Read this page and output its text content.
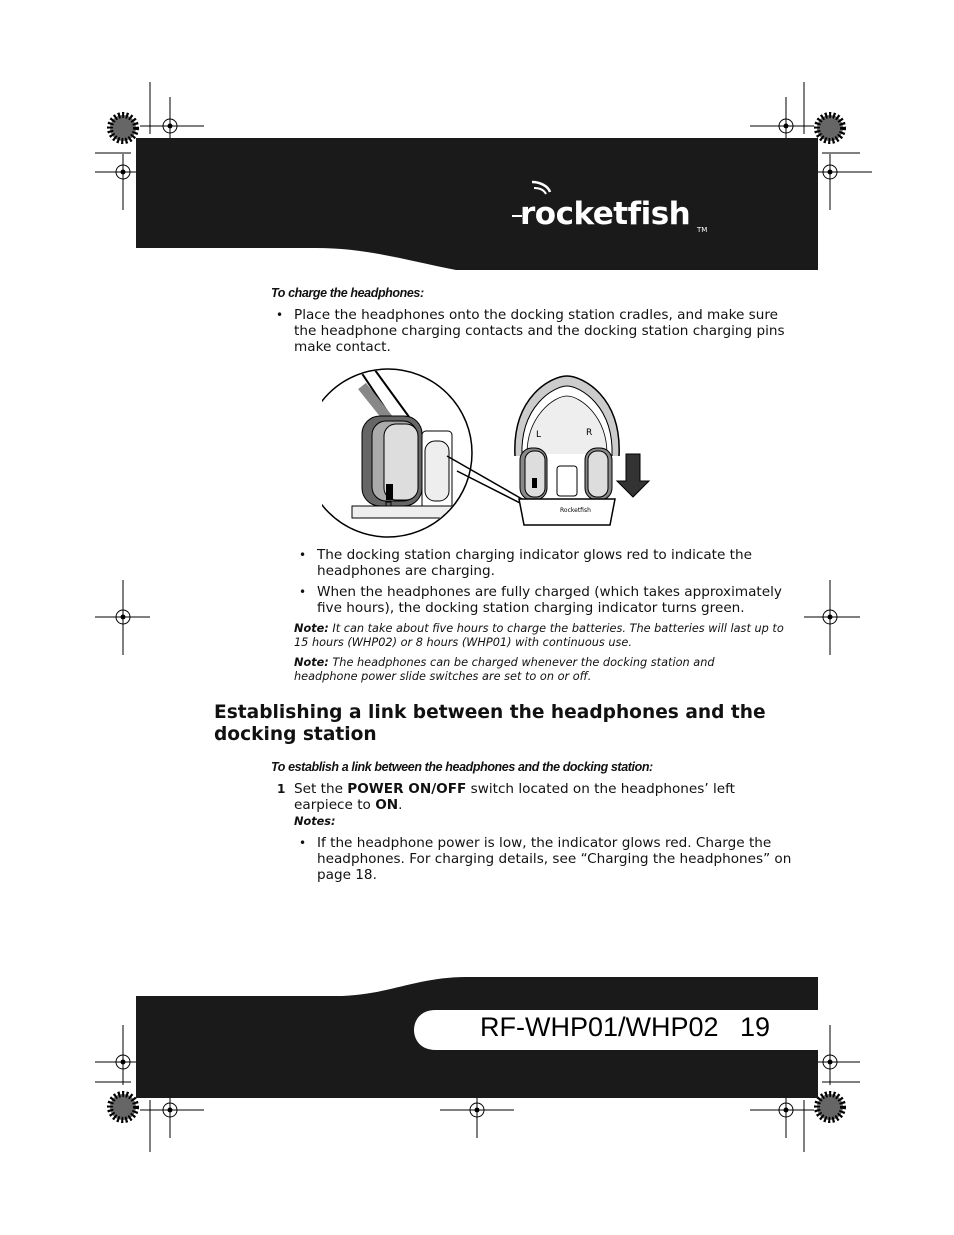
rocketfish TM
To charge the headphones:
• Place the headphones onto the docking station cradles, and make sure
the headphone charging contacts and the docking station charging pins
make contact.
Rocketfish
L	R
• The docking station charging indicator glows red to indicate the
headphones are charging.
• When the headphones are fully charged (which takes approximately
five hours), the docking station charging indicator turns green.
Note: It can take about five hours to charge the batteries. The batteries will last up to
15 hours (WHP02) or 8 hours (WHP01) with continuous use.
Note: The headphones can be charged whenever the docking station and
headphone power slide switches are set to on or off.
Establishing a link between the headphones and the
docking station
To establish a link between the headphones and the docking station:
1 Set the POWER ON/OFF switch located on the headphones’ left
earpiece to ON.
Notes:
• If the headphone power is low, the indicator glows red. Charge the
headphones. For charging details, see “Charging the headphones” on
page 18.
RF-WHP01/WHP02 19
